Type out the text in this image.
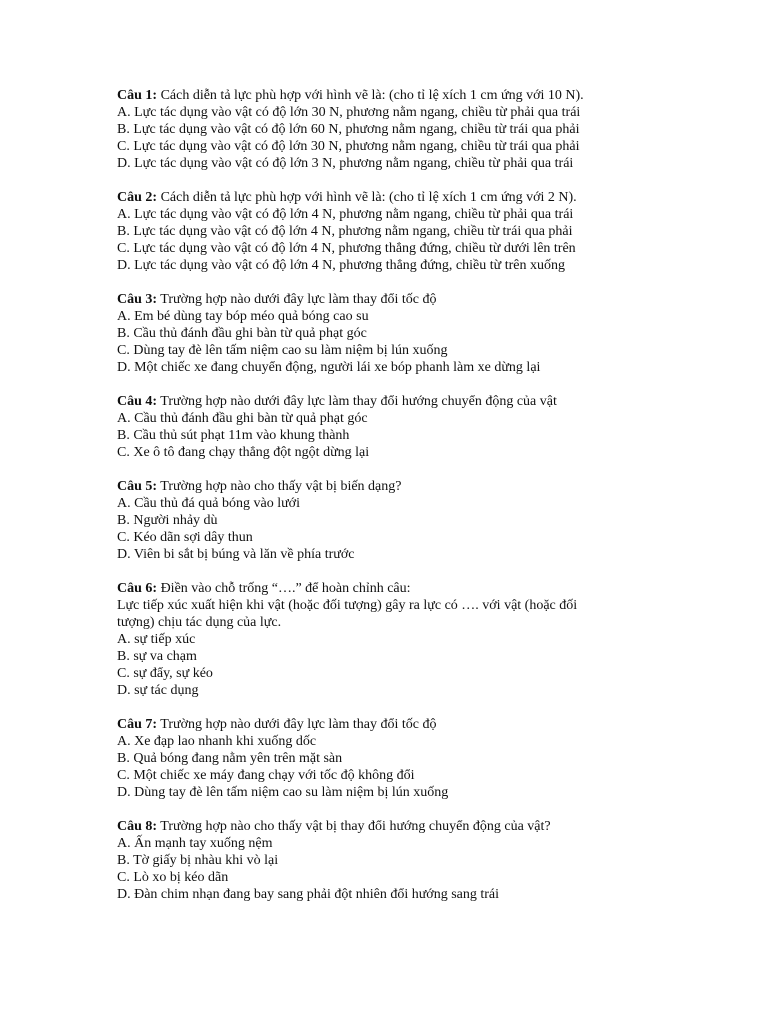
Câu 1: Cách diễn tả lực phù hợp với hình vẽ là: (cho tỉ lệ xích 1 cm ứng với 10 N).
A. Lực tác dụng vào vật có độ lớn 30 N, phương nằm ngang, chiều từ phải qua trái
B. Lực tác dụng vào vật có độ lớn 60 N, phương nằm ngang, chiều từ trái qua phải
C. Lực tác dụng vào vật có độ lớn 30 N, phương nằm ngang, chiều từ trái qua phải
D. Lực tác dụng vào vật có độ lớn 3 N, phương nằm ngang, chiều từ phải qua trái
Câu 2: Cách diễn tả lực phù hợp với hình vẽ là: (cho tỉ lệ xích 1 cm ứng với 2 N).
A. Lực tác dụng vào vật có độ lớn 4 N, phương nằm ngang, chiều từ phải qua trái
B. Lực tác dụng vào vật có độ lớn 4 N, phương nằm ngang, chiều từ trái qua phải
C. Lực tác dụng vào vật có độ lớn 4 N, phương thẳng đứng, chiều từ dưới lên trên
D. Lực tác dụng vào vật có độ lớn 4 N, phương thẳng đứng, chiều từ trên xuống
Câu 3: Trường hợp nào dưới đây lực làm thay đổi tốc độ
A. Em bé dùng tay bóp méo quả bóng cao su
B. Cầu thủ đánh đầu ghi bàn từ quả phạt góc
C. Dùng tay đè lên tấm niệm cao su làm niệm bị lún xuống
D. Một chiếc xe đang chuyển động, người lái xe bóp phanh làm xe dừng lại
Câu 4: Trường hợp nào dưới đây lực làm thay đổi hướng chuyển động của vật
A. Cầu thủ đánh đầu ghi bàn từ quả phạt góc
B. Cầu thủ sút phạt 11m vào khung thành
C. Xe ô tô đang chạy thẳng đột ngột dừng lại
Câu 5: Trường hợp nào cho thấy vật bị biến dạng?
A. Cầu thủ đá quả bóng vào lưới
B. Người nhảy dù
C. Kéo dãn sợi dây thun
D. Viên bi sắt bị búng và lăn về phía trước
Câu 6: Điền vào chỗ trống “….” để hoàn chỉnh câu:
Lực tiếp xúc xuất hiện khi vật (hoặc đối tượng) gây ra lực có …. với vật (hoặc đối
tượng) chịu tác dụng của lực.
A. sự tiếp xúc
B. sự va chạm
C. sự đẩy, sự kéo
D. sự tác dụng
Câu 7: Trường hợp nào dưới đây lực làm thay đổi tốc độ
A. Xe đạp lao nhanh khi xuống dốc
B. Quả bóng đang nằm yên trên mặt sàn
C. Một chiếc xe máy đang chạy với tốc độ không đổi
D. Dùng tay đè lên tấm niệm cao su làm niệm bị lún xuống
Câu 8: Trường hợp nào cho thấy vật bị thay đổi hướng chuyển động của vật?
A. Ấn mạnh tay xuống nệm
B. Tờ giấy bị nhàu khi vò lại
C. Lò xo bị kéo dãn
D. Đàn chim nhạn đang bay sang phải đột nhiên đổi hướng sang trái
